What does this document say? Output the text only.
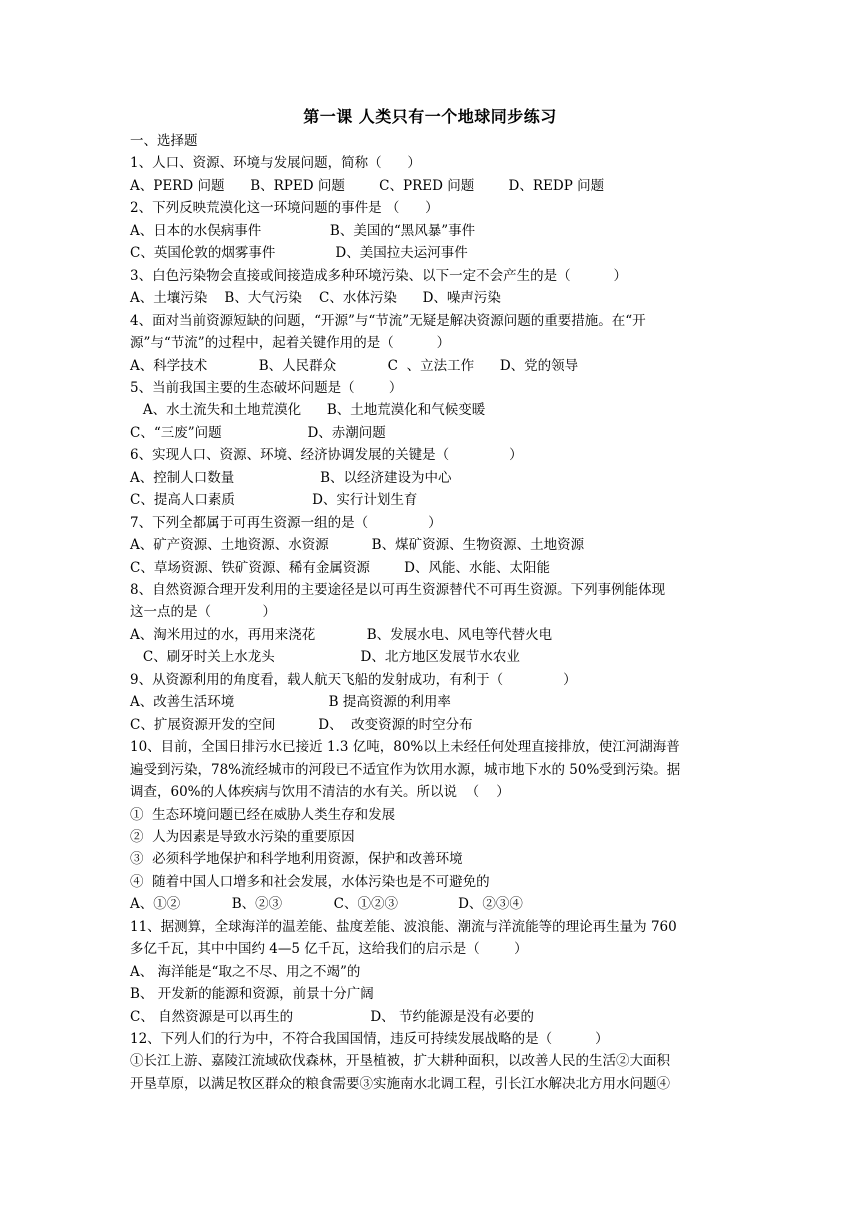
第一课 人类只有一个地球同步练习
一、选择题
1、人口、资源、环境与发展问题，简称（      ）
A、PERD 问题      B、RPED 问题        C、PRED 问题        D、REDP 问题
2、下列反映荒漠化这一环境问题的事件是 （      ）
A、日本的水俣病事件                B、美国的“黑风暴”事件
C、英国伦敦的烟雾事件              D、美国拉夫运河事件
3、白色污染物会直接或间接造成多种环境污染、以下一定不会产生的是（          ）
A、土壤污染    B、大气污染    C、水体污染      D、噪声污染
4、面对当前资源短缺的问题，“开源”与“节流”无疑是解决资源问题的重要措施。在“开
源”与“节流”的过程中，起着关键作用的是（          ）
A、科学技术            B、人民群众            C  、立法工作      D、党的领导
5、当前我国主要的生态破坏问题是（        ）
A、水土流失和土地荒漠化      B、土地荒漠化和气候变暖
C、“三废”问题                    D、赤潮问题
6、实现人口、资源、环境、经济协调发展的关键是（              ）
A、控制人口数量                    B、以经济建设为中心
C、提高人口素质                  D、实行计划生育
7、下列全都属于可再生资源一组的是（              ）
A、矿产资源、土地资源、水资源          B、煤矿资源、生物资源、土地资源
C、草场资源、铁矿资源、稀有金属资源        D、风能、水能、太阳能
8、自然资源合理开发利用的主要途径是以可再生资源替代不可再生资源。下列事例能体现
这一点的是（            ）
A、淘米用过的水，再用来浇花            B、发展水电、风电等代替火电
C、刷牙时关上水龙头                    D、北方地区发展节水农业
9、从资源利用的角度看，载人航天飞船的发射成功，有利于（              ）
A、改善生活环境                      B 提高资源的利用率
C、扩展资源开发的空间          D、  改变资源的时空分布
10、目前，全国日排污水已接近 1.3 亿吨，80%以上未经任何处理直接排放，使江河湖海普
遍受到污染，78%流经城市的河段已不适宜作为饮用水源，城市地下水的 50%受到污染。据
调查，60%的人体疾病与饮用不清洁的水有关。所以说  （    ）
①  生态环境问题已经在威胁人类生存和发展
②  人为因素是导致水污染的重要原因
③  必须科学地保护和科学地利用资源，保护和改善环境
④  随着中国人口增多和社会发展，水体污染也是不可避免的
A、①②            B、②③            C、①②③              D、②③④
11、据测算，全球海洋的温差能、盐度差能、波浪能、潮流与洋流能等的理论再生量为 760
多亿千瓦，其中中国约 4—5 亿千瓦，这给我们的启示是（        ）
A、 海洋能是“取之不尽、用之不竭”的
B、 开发新的能源和资源，前景十分广阔
C、 自然资源是可以再生的                  D、 节约能源是没有必要的
12、下列人们的行为中，不符合我国国情，违反可持续发展战略的是（          ）
①长江上游、嘉陵江流域砍伐森林，开垦植被，扩大耕种面积，以改善人民的生活②大面积
开垦草原，以满足牧区群众的粮食需要③实施南水北调工程，引长江水解决北方用水问题④
